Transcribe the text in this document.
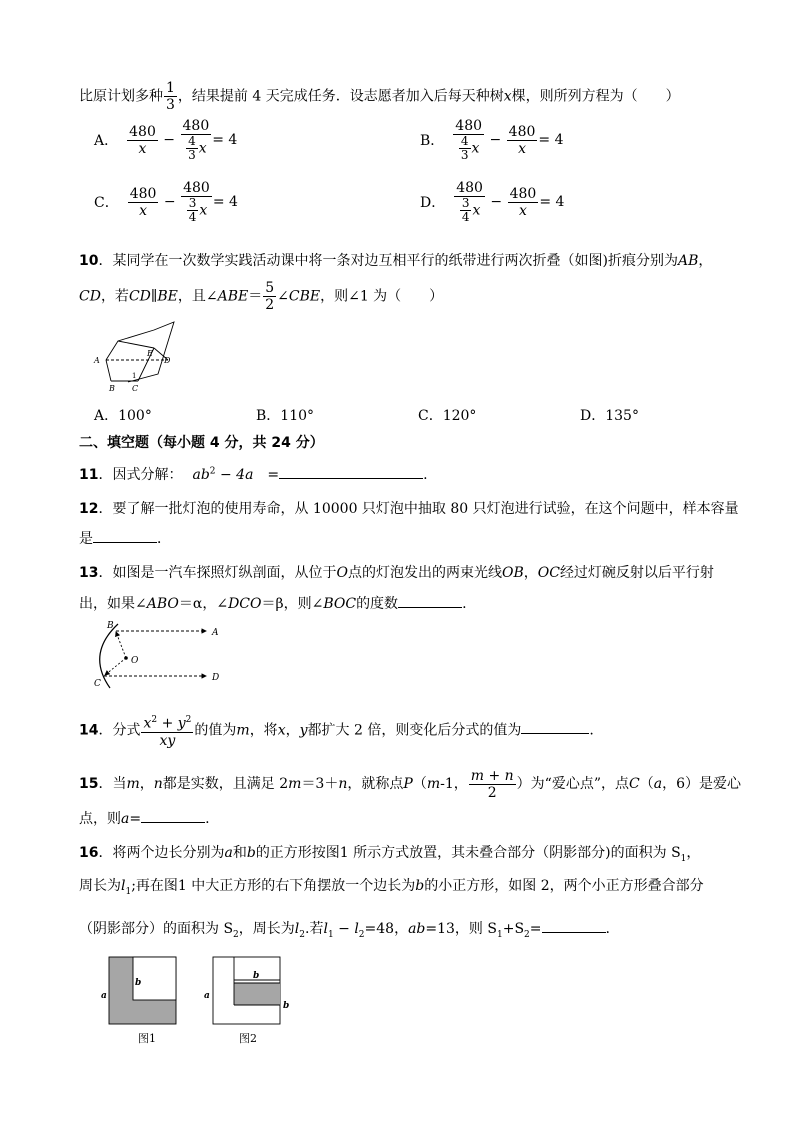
比原计划多种 $\frac{1}{3}$ ，结果提前 4 天完成任务．设志愿者加入后每天种树x棵，则所列方程为（　　）
A． $\frac{480}{x} - \frac{480}{\frac{4}{3} x} = 4$	B． $\frac{480}{\frac{4}{3} x} - \frac{480}{x} = 4$
C． $\frac{480}{x} - \frac{480}{\frac{3}{4} x} = 4$	D． $\frac{480}{\frac{3}{4} x} - \frac{480}{x} = 4$
10．某同学在一次数学实践活动课中将一条对边互相平行的纸带进行两次折叠（如图)折痕分别为AB，
CD，若CD∥BE，且∠ABE＝ $\frac{5}{2}$ ∠CBE，则∠1 为（　　）
A
E
D
1
B C
A．100°	B．110°	C．120°	D．135°
二、填空题（每小题 4 分，共 24 分）
11．因式分解： $ab^2 - 4a$ =	.
12．要了解一批灯泡的使用寿命，从 10000 只灯泡中抽取 80 只灯泡进行试验，在这个问题中，样本容量
是	．
13．如图是一汽车探照灯纵剖面，从位于O点的灯泡发出的两束光线OB，OC经过灯碗反射以后平行射
出，如果∠ABO＝α，∠DCO＝β，则∠BOC的度数	.
B
A
O
C
D
14．分式 $\frac{x^2 + y^2}{xy}$ 的值为m，将x，y都扩大 2 倍，则变化后分式的值为	.
15．当m，n都是实数，且满足 2m＝3＋n，就称点P（m-1， $\frac{m + n}{2}$ ）为“爱心点”，点C（a，6）是爱心
点，则a=	.
16．将两个边长分别为a和b的正方形按图1 所示方式放置，其未叠合部分（阴影部分)的面积为 $S_1$，
周长为$l_1$;再在图1 中大正方形的右下角摆放一个边长为b的小正方形，如图 2，两个小正方形叠合部分
（阴影部分）的面积为 $S_2$，周长为$l_2$.若$l_1 - l_2=48$，ab=13，则 $S_1+S_2=$	.
b
a
图1
b
a
b
图2
